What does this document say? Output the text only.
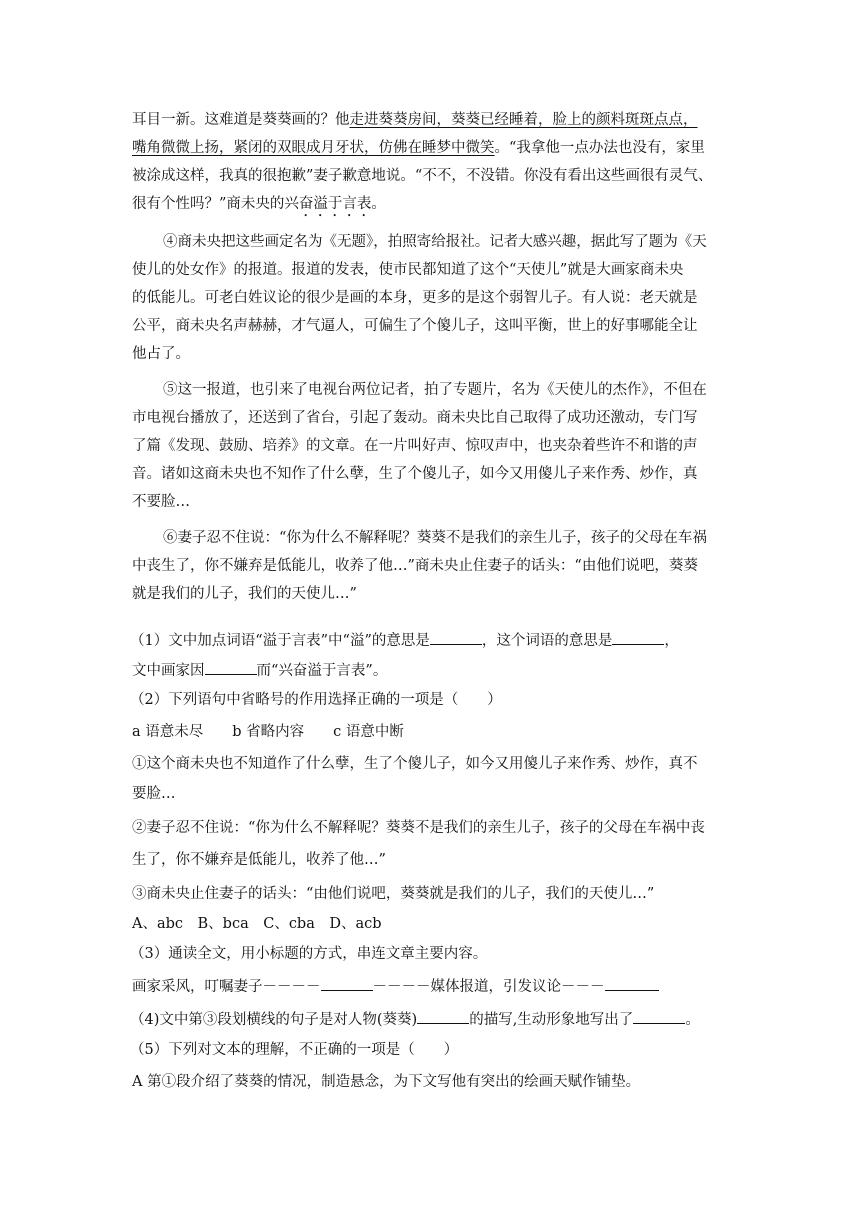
耳目一新。这难道是葵葵画的？他走进葵葵房间，葵葵已经睡着，脸上的颜料斑斑点点，
嘴角微微上扬，紧闭的双眼成月牙状，仿佛在睡梦中微笑。“我拿他一点办法也没有，家里
被涂成这样，我真的很抱歉”妻子歉意地说。“不不，不没错。你没有看出这些画很有灵气、
很有个性吗？”商未央的兴奋溢于言表。
④商未央把这些画定名为《无题》，拍照寄给报社。记者大感兴趣，据此写了题为《天
使儿的处女作》的报道。报道的发表，使市民都知道了这个“天使儿”就是大画家商未央
的低能儿。可老白姓议论的很少是画的本身，更多的是这个弱智儿子。有人说：老天就是
公平，商未央名声赫赫，才气逼人，可偏生了个傻儿子，这叫平衡，世上的好事哪能全让
他占了。
⑤这一报道，也引来了电视台两位记者，拍了专题片，名为《天使儿的杰作》，不但在
市电视台播放了，还送到了省台，引起了轰动。商未央比自己取得了成功还激动，专门写
了篇《发现、鼓励、培养》的文章。在一片叫好声、惊叹声中，也夹杂着些许不和谐的声
音。诸如这商未央也不知作了什么孽，生了个傻儿子，如今又用傻儿子来作秀、炒作，真
不要脸…
⑥妻子忍不住说：“你为什么不解释呢？葵葵不是我们的亲生儿子，孩子的父母在车祸
中丧生了，你不嫌弃是低能儿，收养了他…”商未央止住妻子的话头：“由他们说吧，葵葵
就是我们的儿子，我们的天使儿…”
（1）文中加点词语“溢于言表”中“溢”的意思是	，这个词语的意思是	，
文中画家因	而“兴奋溢于言表”。
（2）下列语句中省略号的作用选择正确的一项是（　　）
a 语意未尽　　b 省略内容　　c 语意中断
①这个商未央也不知道作了什么孽，生了个傻儿子，如今又用傻儿子来作秀、炒作，真不
要脸…
②妻子忍不住说：“你为什么不解释呢？葵葵不是我们的亲生儿子，孩子的父母在车祸中丧
生了，你不嫌弃是低能儿，收养了他…”
③商未央止住妻子的话头：“由他们说吧，葵葵就是我们的儿子，我们的天使儿…”
A、abc　B、bca　C、cba　D、acb
（3）通读全文，用小标题的方式，串连文章主要内容。
画家采风，叮嘱妻子－－－－	－－－－媒体报道，引发议论－－－
（4)文中第③段划横线的句子是对人物(葵葵)	的描写,生动形象地写出了	。
（5）下列对文本的理解，不正确的一项是（　　）
A 第①段介绍了葵葵的情况，制造悬念，为下文写他有突出的绘画天赋作铺垫。
